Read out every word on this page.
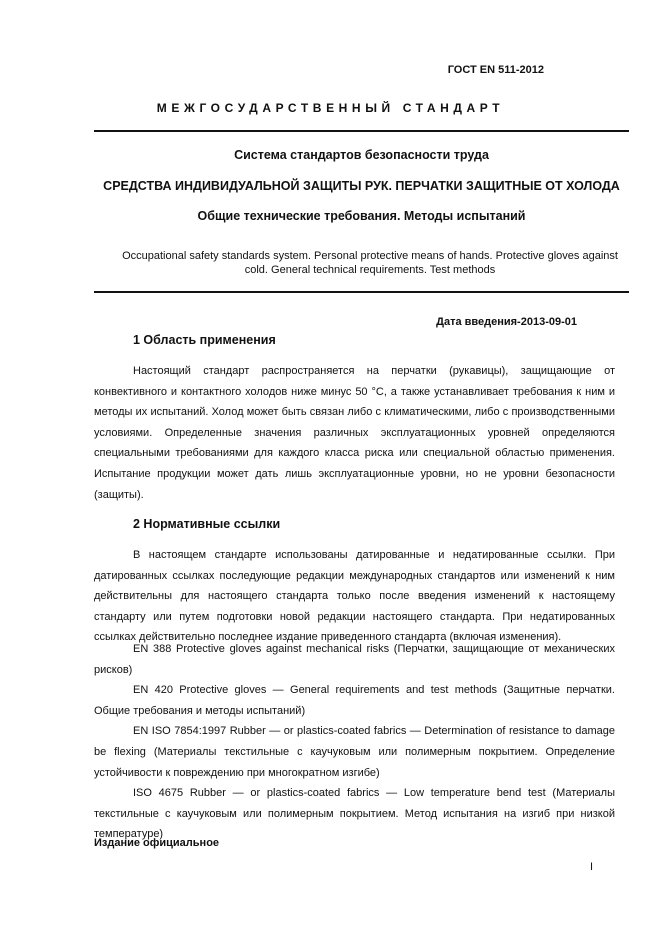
ГОСТ EN 511-2012
МЕЖГОСУДАРСТВЕННЫЙ СТАНДАРТ
Система стандартов безопасности труда
СРЕДСТВА ИНДИВИДУАЛЬНОЙ ЗАЩИТЫ РУК. ПЕРЧАТКИ ЗАЩИТНЫЕ ОТ ХОЛОДА
Общие технические требования. Методы испытаний
Occupational safety standards system. Personal protective means of hands. Protective gloves against cold. General technical requirements. Test methods
Дата введения-2013-09-01
1 Область применения
Настоящий стандарт распространяется на перчатки (рукавицы), защищающие от конвективного и контактного холодов ниже минус 50 °C, а также устанавливает требования к ним и методы их испытаний. Холод может быть связан либо с климатическими, либо с производственными условиями. Определенные значения различных эксплуатационных уровней определяются специальными требованиями для каждого класса риска или специальной областью применения. Испытание продукции может дать лишь эксплуатационные уровни, но не уровни безопасности (защиты).
2 Нормативные ссылки
В настоящем стандарте использованы датированные и недатированные ссылки. При датированных ссылках последующие редакции международных стандартов или изменений к ним действительны для настоящего стандарта только после введения изменений к настоящему стандарту или путем подготовки новой редакции настоящего стандарта. При недатированных ссылках действительно последнее издание приведенного стандарта (включая изменения).
EN 388 Protective gloves against mechanical risks (Перчатки, защищающие от механических рисков)
EN 420 Protective gloves — General requirements and test methods (Защитные перчатки. Общие требования и методы испытаний)
EN ISO 7854:1997 Rubber — or plastics-coated fabrics — Determination of resistance to damage be flexing (Материалы текстильные с каучуковым или полимерным покрытием. Определение устойчивости к повреждению при многократном изгибе)
ISO 4675 Rubber — or plastics-coated fabrics — Low temperature bend test (Материалы текстильные с каучуковым или полимерным покрытием. Метод испытания на изгиб при низкой температуре)
Издание официальное
I
